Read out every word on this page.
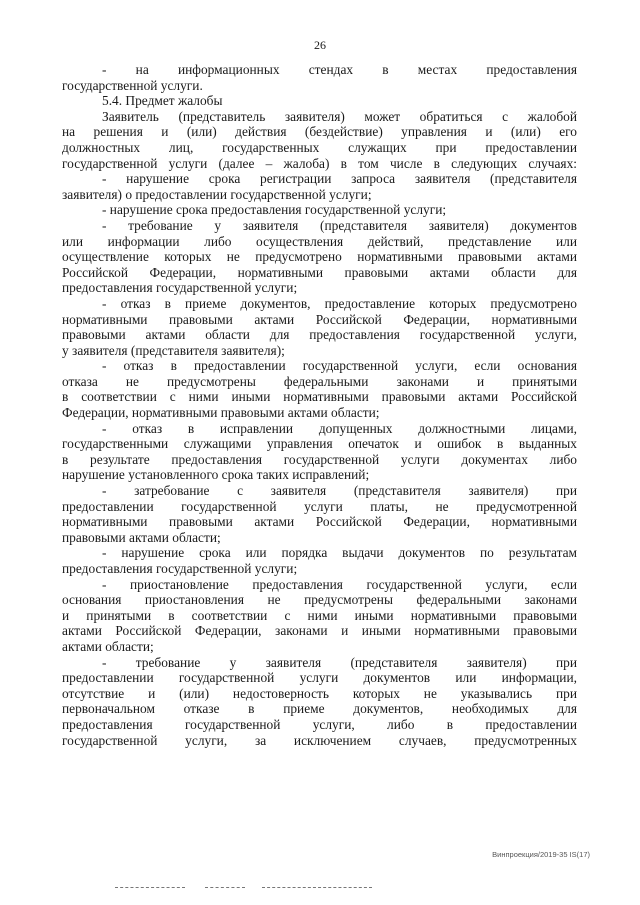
26
- на информационных стендах в местах предоставления
государственной услуги.
5.4. Предмет жалобы
Заявитель (представитель заявителя) может обратиться с жалобой
на решения и (или) действия (бездействие) управления и (или) его
должностных лиц, государственных служащих при предоставлении
государственной услуги (далее – жалоба) в том числе в следующих случаях:
- нарушение срока регистрации запроса заявителя (представителя
заявителя) о предоставлении государственной услуги;
- нарушение срока предоставления государственной услуги;
- требование у заявителя (представителя заявителя) документов
или информации либо осуществления действий, представление или
осуществление которых не предусмотрено нормативными правовыми актами
Российской Федерации, нормативными правовыми актами области для
предоставления государственной услуги;
- отказ в приеме документов, предоставление которых предусмотрено
нормативными правовыми актами Российской Федерации, нормативными
правовыми актами области для предоставления государственной услуги,
у заявителя (представителя заявителя);
- отказ в предоставлении государственной услуги, если основания
отказа не предусмотрены федеральными законами и принятыми
в соответствии с ними иными нормативными правовыми актами Российской
Федерации, нормативными правовыми актами области;
- отказ в исправлении допущенных должностными лицами,
государственными служащими управления опечаток и ошибок в выданных
в результате предоставления государственной услуги документах либо
нарушение установленного срока таких исправлений;
- затребование с заявителя (представителя заявителя) при
предоставлении государственной услуги платы, не предусмотренной
нормативными правовыми актами Российской Федерации, нормативными
правовыми актами области;
- нарушение срока или порядка выдачи документов по результатам
предоставления государственной услуги;
- приостановление предоставления государственной услуги, если
основания приостановления не предусмотрены федеральными законами
и принятыми в соответствии с ними иными нормативными правовыми
актами Российской Федерации, законами и иными нормативными правовыми
актами области;
- требование у заявителя (представителя заявителя) при
предоставлении государственной услуги документов или информации,
отсутствие и (или) недостоверность которых не указывались при
первоначальном отказе в приеме документов, необходимых для
предоставления государственной услуги, либо в предоставлении
государственной услуги, за исключением случаев, предусмотренных
Винпроекция/2019-35 IS(17)
